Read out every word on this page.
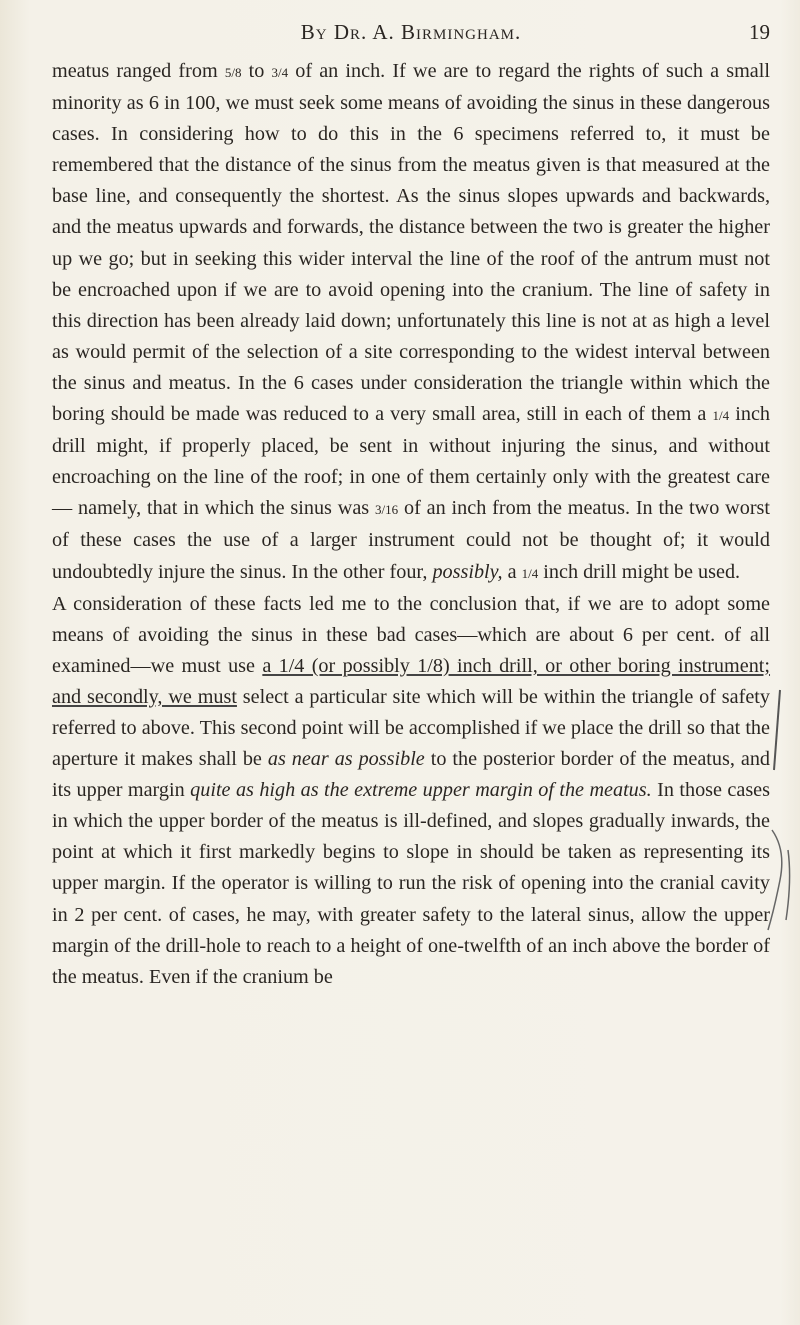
By Dr. A. Birmingham.	19

meatus ranged from 5/8 to 3/4 of an inch. If we are to regard the rights of such a small minority as 6 in 100, we must seek some means of avoiding the sinus in these dangerous cases. In considering how to do this in the 6 specimens referred to, it must be remembered that the distance of the sinus from the meatus given is that measured at the base line, and consequently the shortest. As the sinus slopes upwards and backwards, and the meatus upwards and forwards, the distance between the two is greater the higher up we go; but in seeking this wider interval the line of the roof of the antrum must not be encroached upon if we are to avoid opening into the cranium. The line of safety in this direction has been already laid down; unfortunately this line is not at as high a level as would permit of the selection of a site corresponding to the widest interval between the sinus and meatus. In the 6 cases under consideration the triangle within which the boring should be made was reduced to a very small area, still in each of them a 1/4 inch drill might, if properly placed, be sent in without injuring the sinus, and without encroaching on the line of the roof; in one of them certainly only with the greatest care— namely, that in which the sinus was 3/16 of an inch from the meatus. In the two worst of these cases the use of a larger instrument could not be thought of; it would undoubtedly injure the sinus. In the other four, possibly, a 1/4 inch drill might be used.

A consideration of these facts led me to the conclusion that, if we are to adopt some means of avoiding the sinus in these bad cases—which are about 6 per cent. of all examined—we must use a 1/4 (or possibly 1/8) inch drill, or other boring instrument; and secondly, we must select a particular site which will be within the triangle of safety referred to above. This second point will be accomplished if we place the drill so that the aperture it makes shall be as near as possible to the posterior border of the meatus, and its upper margin quite as high as the extreme upper margin of the meatus. In those cases in which the upper border of the meatus is ill-defined, and slopes gradually inwards, the point at which it first markedly begins to slope in should be taken as representing its upper margin. If the operator is willing to run the risk of opening into the cranial cavity in 2 per cent. of cases, he may, with greater safety to the lateral sinus, allow the upper margin of the drill-hole to reach to a height of one-twelfth of an inch above the border of the meatus. Even if the cranium be
